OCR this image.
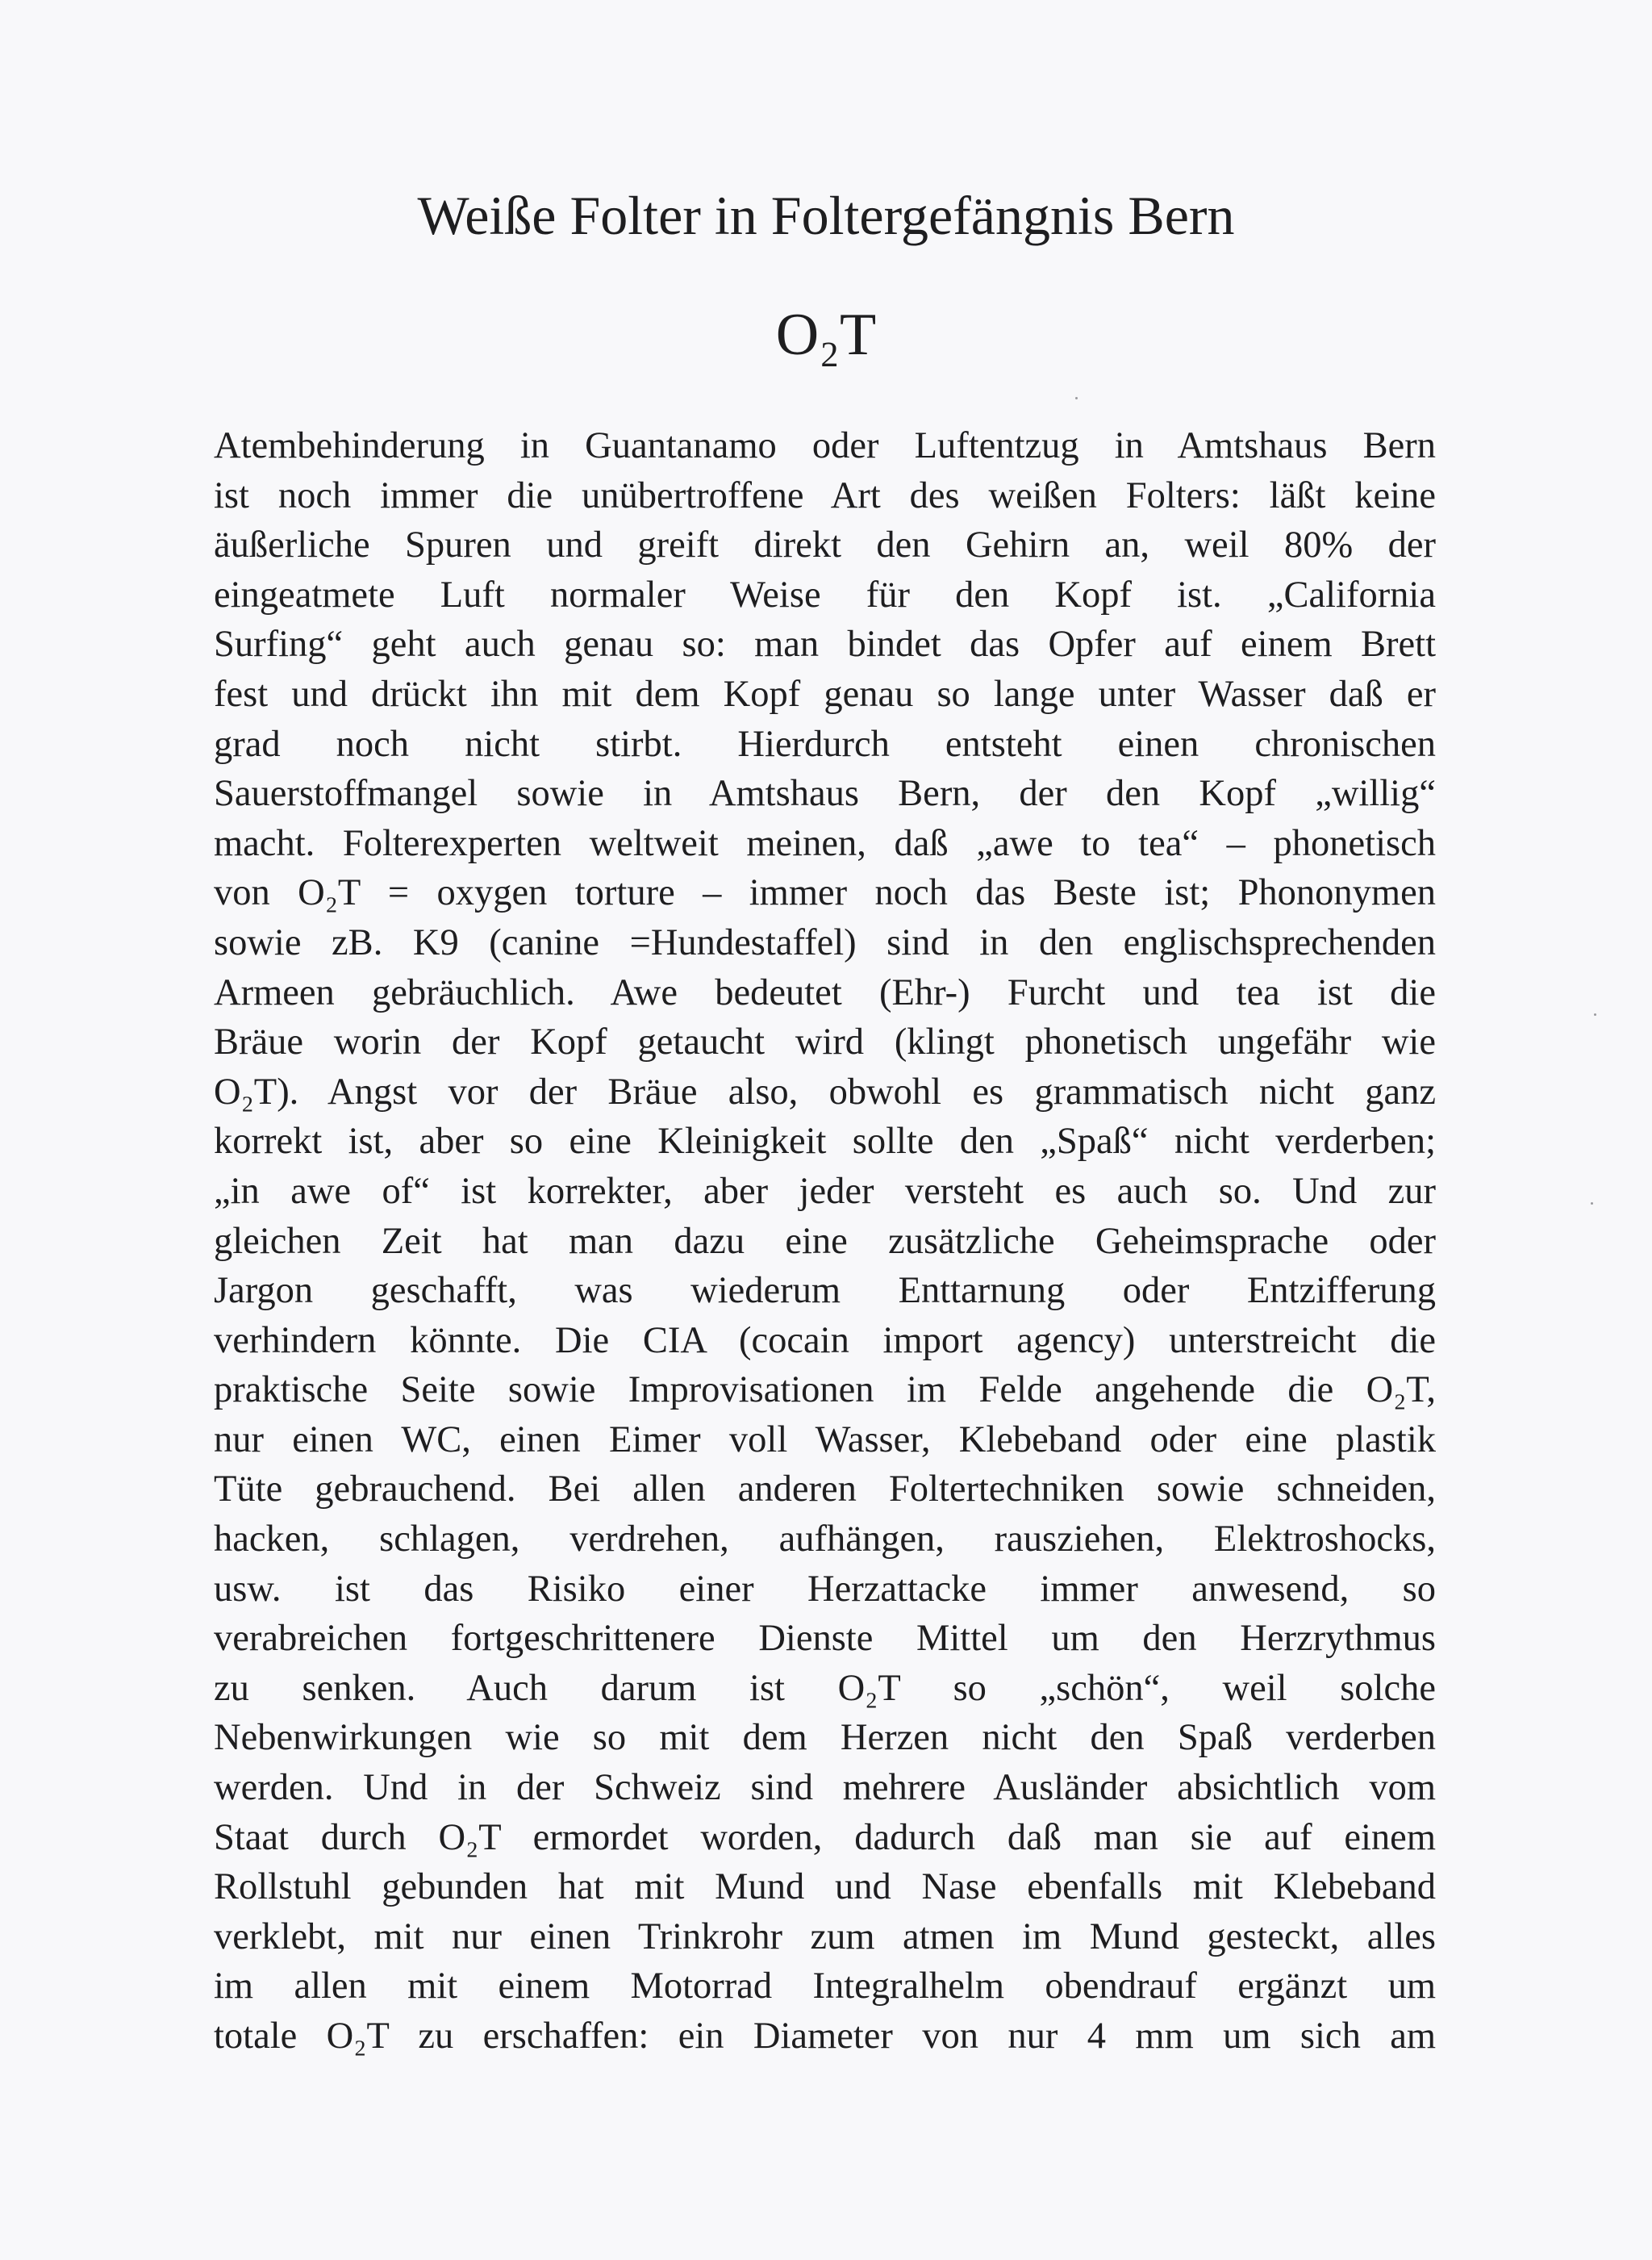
Weiße Folter in Foltergefängnis Bern
O₂T
Atembehinderung in Guantanamo oder Luftentzug in Amtshaus Bern
ist noch immer die unübertroffene Art des weißen Folters: läßt keine
äußerliche Spuren und greift direkt den Gehirn an, weil 80% der
eingeatmete Luft normaler Weise für den Kopf ist. „California
Surfing“ geht auch genau so: man bindet das Opfer auf einem Brett
fest und drückt ihn mit dem Kopf genau so lange unter Wasser daß er
grad noch nicht stirbt. Hierdurch entsteht einen chronischen
Sauerstoffmangel sowie in Amtshaus Bern, der den Kopf „willig“
macht. Folterexperten weltweit meinen, daß „awe to tea“ – phonetisch
von O₂T = oxygen torture – immer noch das Beste ist; Phononymen
sowie zB. K9 (canine =Hundestaffel) sind in den englischsprechenden
Armeen gebräuchlich. Awe bedeutet (Ehr-) Furcht und tea ist die
Bräue worin der Kopf getaucht wird (klingt phonetisch ungefähr wie
O₂T). Angst vor der Bräue also, obwohl es grammatisch nicht ganz
korrekt ist, aber so eine Kleinigkeit sollte den „Spaß“ nicht verderben;
„in awe of“ ist korrekter, aber jeder versteht es auch so. Und zur
gleichen Zeit hat man dazu eine zusätzliche Geheimsprache oder
Jargon geschafft, was wiederum Enttarnung oder Entzifferung
verhindern könnte. Die CIA (cocain import agency) unterstreicht die
praktische Seite sowie Improvisationen im Felde angehende die O₂T,
nur einen WC, einen Eimer voll Wasser, Klebeband oder eine plastik
Tüte gebrauchend. Bei allen anderen Foltertechniken sowie schneiden,
hacken, schlagen, verdrehen, aufhängen, rausziehen, Elektroshocks,
usw. ist das Risiko einer Herzattacke immer anwesend, so
verabreichen fortgeschrittenere Dienste Mittel um den Herzrythmus
zu senken. Auch darum ist O₂T so „schön“, weil solche
Nebenwirkungen wie so mit dem Herzen nicht den Spaß verderben
werden. Und in der Schweiz sind mehrere Ausländer absichtlich vom
Staat durch O₂T ermordet worden, dadurch daß man sie auf einem
Rollstuhl gebunden hat mit Mund und Nase ebenfalls mit Klebeband
verklebt, mit nur einen Trinkrohr zum atmen im Mund gesteckt, alles
im allen mit einem Motorrad Integralhelm obendrauf ergänzt um
totale O₂T zu erschaffen: ein Diameter von nur 4 mm um sich am
